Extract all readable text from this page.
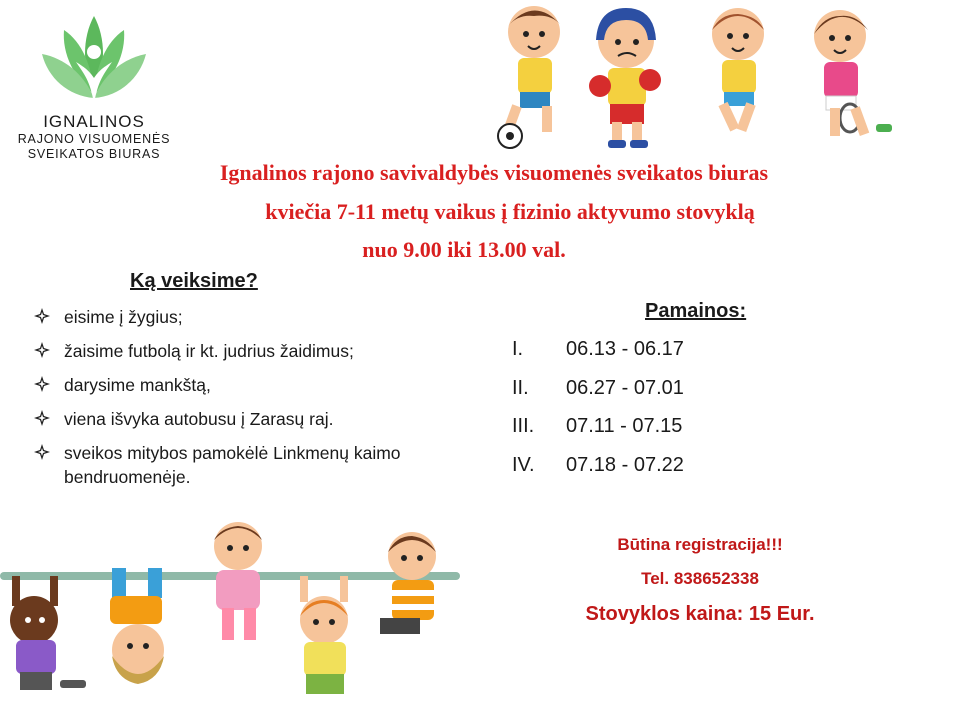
IGNALINOS
RAJONO VISUOMENĖS
SVEIKATOS BIURAS
Ignalinos rajono savivaldybės visuomenės sveikatos biuras
kviečia 7-11 metų vaikus į fizinio aktyvumo stovyklą
nuo 9.00 iki 13.00 val.
Ką veiksime?
eisime į žygius;
žaisime futbolą ir kt. judrius žaidimus;
darysime mankštą,
viena išvyka autobusu į Zarasų raj.
sveikos mitybos pamokėlė Linkmenų kaimo bendruomenėje.
Pamainos:
I.	06.13 - 06.17
II.	06.27 - 07.01
III.	07.11 - 07.15
IV.	07.18 - 07.22
Būtina registracija!!!
Tel. 838652338
Stovyklos kaina: 15 Eur.
